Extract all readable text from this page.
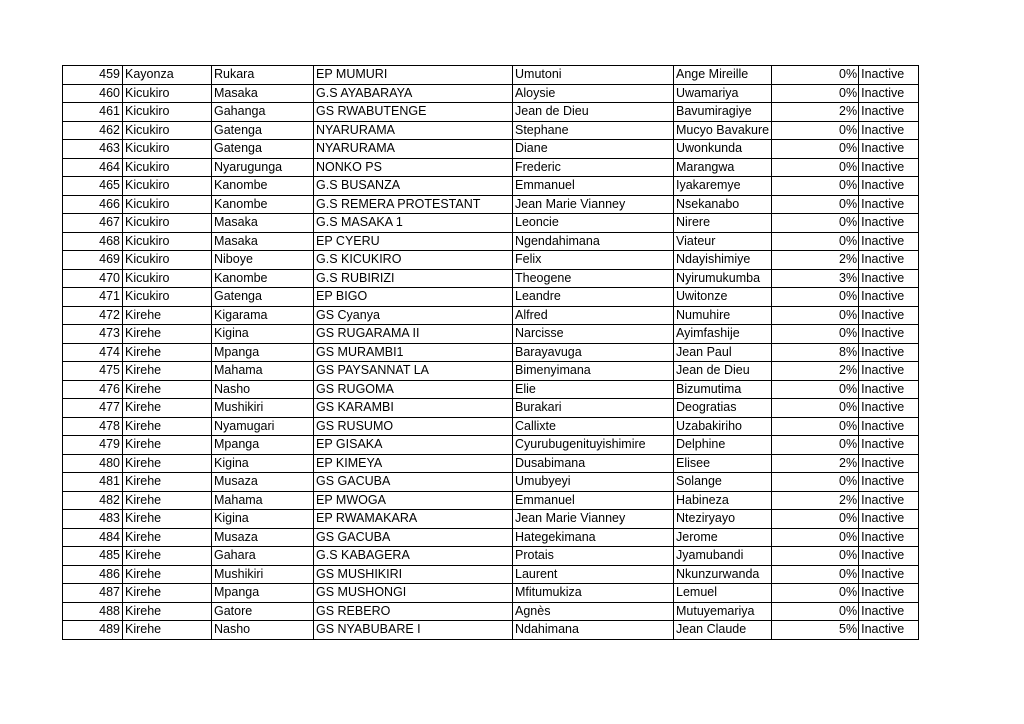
459	Kayonza	Rukara	EP MUMURI	Umutoni	Ange Mireille	0%	Inactive
460	Kicukiro	Masaka	G.S AYABARAYA	Aloysie	Uwamariya	0%	Inactive
461	Kicukiro	Gahanga	GS RWABUTENGE	Jean de Dieu	Bavumiragiye	2%	Inactive
462	Kicukiro	Gatenga	NYARURAMA	Stephane	Mucyo Bavakure	0%	Inactive
463	Kicukiro	Gatenga	NYARURAMA	Diane	Uwonkunda	0%	Inactive
464	Kicukiro	Nyarugunga	NONKO PS	Frederic	Marangwa	0%	Inactive
465	Kicukiro	Kanombe	G.S BUSANZA	Emmanuel	Iyakaremye	0%	Inactive
466	Kicukiro	Kanombe	G.S REMERA PROTESTANT	Jean Marie Vianney	Nsekanabo	0%	Inactive
467	Kicukiro	Masaka	G.S MASAKA 1	Leoncie	Nirere	0%	Inactive
468	Kicukiro	Masaka	EP CYERU	Ngendahimana	Viateur	0%	Inactive
469	Kicukiro	Niboye	G.S KICUKIRO	Felix	Ndayishimiye	2%	Inactive
470	Kicukiro	Kanombe	G.S RUBIRIZI	Theogene	Nyirumukumba	3%	Inactive
471	Kicukiro	Gatenga	EP BIGO	Leandre	Uwitonze	0%	Inactive
472	Kirehe	Kigarama	GS Cyanya	Alfred	Numuhire	0%	Inactive
473	Kirehe	Kigina	GS RUGARAMA II	Narcisse	Ayimfashije	0%	Inactive
474	Kirehe	Mpanga	GS MURAMBI1	Barayavuga	Jean Paul	8%	Inactive
475	Kirehe	Mahama	GS PAYSANNAT LA	Bimenyimana	Jean de Dieu	2%	Inactive
476	Kirehe	Nasho	GS RUGOMA	Elie	Bizumutima	0%	Inactive
477	Kirehe	Mushikiri	GS KARAMBI	Burakari	Deogratias	0%	Inactive
478	Kirehe	Nyamugari	GS RUSUMO	Callixte	Uzabakiriho	0%	Inactive
479	Kirehe	Mpanga	EP GISAKA	Cyurubugenituyishimire	Delphine	0%	Inactive
480	Kirehe	Kigina	EP KIMEYA	Dusabimana	Elisee	2%	Inactive
481	Kirehe	Musaza	GS GACUBA	Umubyeyi	Solange	0%	Inactive
482	Kirehe	Mahama	EP MWOGA	Emmanuel	Habineza	2%	Inactive
483	Kirehe	Kigina	EP RWAMAKARA	Jean Marie Vianney	Nteziryayo	0%	Inactive
484	Kirehe	Musaza	GS GACUBA	Hategekimana	Jerome	0%	Inactive
485	Kirehe	Gahara	G.S KABAGERA	Protais	Jyamubandi	0%	Inactive
486	Kirehe	Mushikiri	GS MUSHIKIRI	Laurent	Nkunzurwanda	0%	Inactive
487	Kirehe	Mpanga	GS MUSHONGI	Mfitumukiza	Lemuel	0%	Inactive
488	Kirehe	Gatore	GS REBERO	Agnès	Mutuyemariya	0%	Inactive
489	Kirehe	Nasho	GS NYABUBARE I	Ndahimana	Jean Claude	5%	Inactive
